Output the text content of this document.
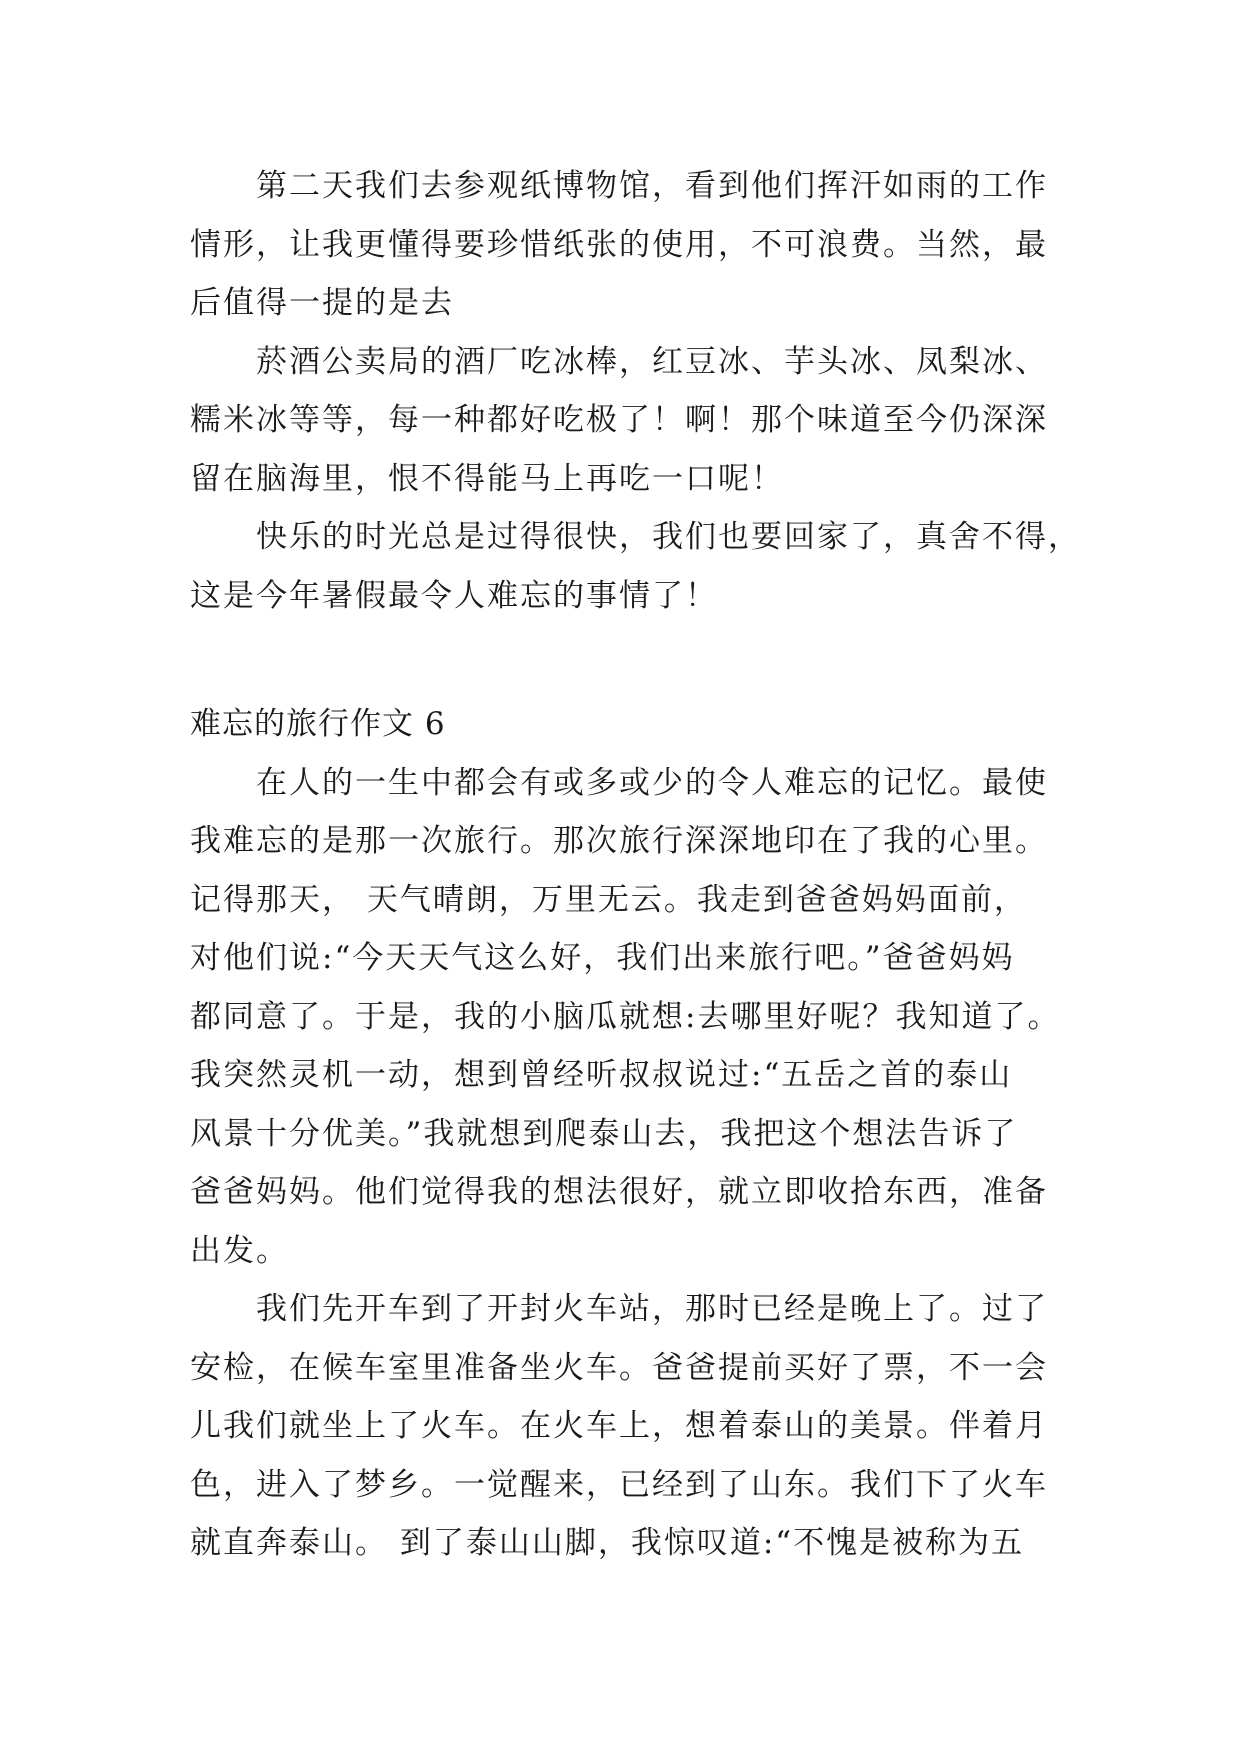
第二天我们去参观纸博物馆，看到他们挥汗如雨的工作
情形，让我更懂得要珍惜纸张的使用，不可浪费。当然，最
后值得一提的是去
菸酒公卖局的酒厂吃冰棒，红豆冰、芋头冰、凤梨冰、
糯米冰等等，每一种都好吃极了！啊！那个味道至今仍深深
留在脑海里，恨不得能马上再吃一口呢！
快乐的时光总是过得很快，我们也要回家了，真舍不得，
这是今年暑假最令人难忘的事情了！
难忘的旅行作文 6
在人的一生中都会有或多或少的令人难忘的记忆。最使
我难忘的是那一次旅行。那次旅行深深地印在了我的心里。
记得那天， 天气晴朗，万里无云。我走到爸爸妈妈面前，
对他们说:“今天天气这么好，我们出来旅行吧。”爸爸妈妈
都同意了。于是，我的小脑瓜就想:去哪里好呢？我知道了。
我突然灵机一动，想到曾经听叔叔说过:“五岳之首的泰山
风景十分优美。”我就想到爬泰山去，我把这个想法告诉了
爸爸妈妈。他们觉得我的想法很好，就立即收拾东西，准备
出发。
我们先开车到了开封火车站，那时已经是晚上了。过了
安检，在候车室里准备坐火车。爸爸提前买好了票，不一会
儿我们就坐上了火车。在火车上，想着泰山的美景。伴着月
色，进入了梦乡。一觉醒来，已经到了山东。我们下了火车
就直奔泰山。 到了泰山山脚，我惊叹道:“不愧是被称为五
